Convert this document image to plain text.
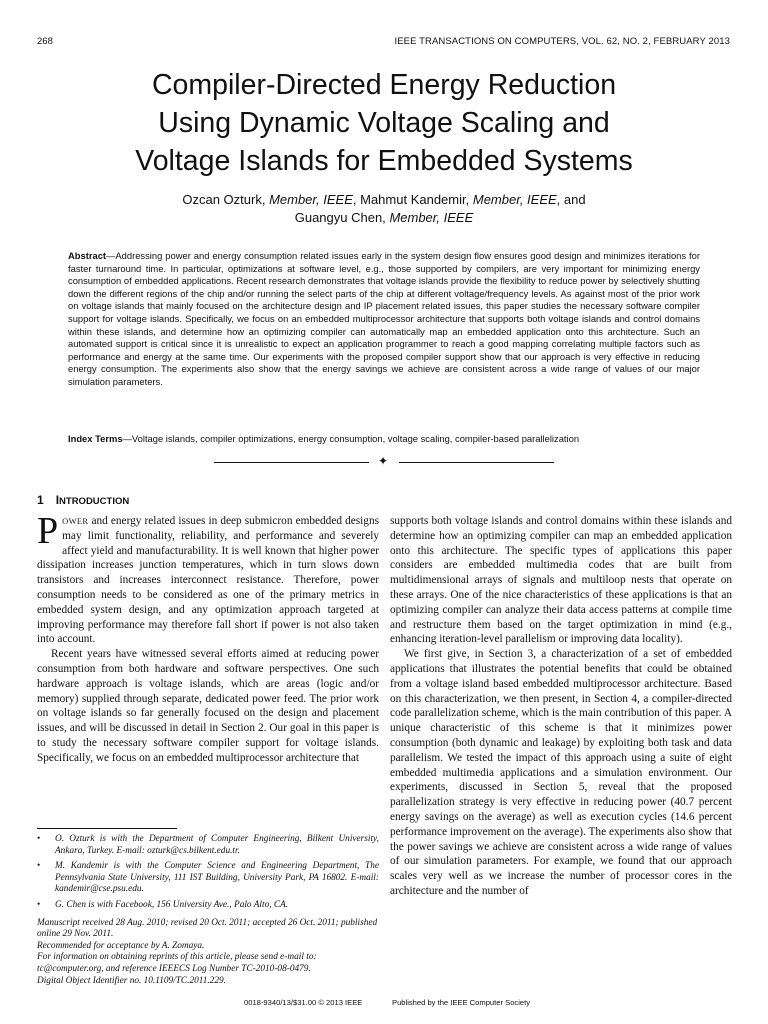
268	IEEE TRANSACTIONS ON COMPUTERS, VOL. 62, NO. 2, FEBRUARY 2013
Compiler-Directed Energy Reduction
Using Dynamic Voltage Scaling and
Voltage Islands for Embedded Systems
Ozcan Ozturk, Member, IEEE, Mahmut Kandemir, Member, IEEE, and
Guangyu Chen, Member, IEEE

Abstract—Addressing power and energy consumption related issues early in the system design flow ensures good design and minimizes iterations for faster turnaround time. In particular, optimizations at software level, e.g., those supported by compilers, are very important for minimizing energy consumption of embedded applications. Recent research demonstrates that voltage islands provide the flexibility to reduce power by selectively shutting down the different regions of the chip and/or running the select parts of the chip at different voltage/frequency levels. As against most of the prior work on voltage islands that mainly focused on the architecture design and IP placement related issues, this paper studies the necessary software compiler support for voltage islands. Specifically, we focus on an embedded multiprocessor architecture that supports both voltage islands and control domains within these islands, and determine how an optimizing compiler can automatically map an embedded application onto this architecture. Such an automated support is critical since it is unrealistic to expect an application programmer to reach a good mapping correlating multiple factors such as performance and energy at the same time. Our experiments with the proposed compiler support show that our approach is very effective in reducing energy consumption. The experiments also show that the energy savings we achieve are consistent across a wide range of values of our major simulation parameters.

Index Terms—Voltage islands, compiler optimizations, energy consumption, voltage scaling, compiler-based parallelization

✦
1 INTRODUCTION

POWER and energy related issues in deep submicron embedded designs may limit functionality, reliability, and performance and severely affect yield and manufacturability. It is well known that higher power dissipation increases junction temperatures, which in turn slows down transistors and increases interconnect resistance. Therefore, power consumption needs to be considered as one of the primary metrics in embedded system design, and any optimization approach targeted at improving performance may therefore fall short if power is not also taken into account.

Recent years have witnessed several efforts aimed at reducing power consumption from both hardware and software perspectives. One such hardware approach is voltage islands, which are areas (logic and/or memory) supplied through separate, dedicated power feed. The prior work on voltage islands so far generally focused on the design and placement issues, and will be discussed in detail in Section 2. Our goal in this paper is to study the necessary software compiler support for voltage islands. Specifically, we focus on an embedded multiprocessor architecture that

• O. Ozturk is with the Department of Computer Engineering, Bilkent University, Ankara, Turkey. E-mail: ozturk@cs.bilkent.edu.tr.
• M. Kandemir is with the Computer Science and Engineering Department, The Pennsylvania State University, 111 IST Building, University Park, PA 16802. E-mail: kandemir@cse.psu.edu.
• G. Chen is with Facebook, 156 University Ave., Palo Alto, CA.
Manuscript received 28 Aug. 2010; revised 20 Oct. 2011; accepted 26 Oct. 2011; published online 29 Nov. 2011.
Recommended for acceptance by A. Zomaya.
For information on obtaining reprints of this article, please send e-mail to: tc@computer.org, and reference IEEECS Log Number TC-2010-08-0479.
Digital Object Identifier no. 10.1109/TC.2011.229.

supports both voltage islands and control domains within these islands and determine how an optimizing compiler can map an embedded application onto this architecture. The specific types of applications this paper considers are embedded multimedia codes that are built from multidimensional arrays of signals and multiloop nests that operate on these arrays. One of the nice characteristics of these applications is that an optimizing compiler can analyze their data access patterns at compile time and restructure them based on the target optimization in mind (e.g., enhancing iteration-level parallelism or improving data locality).

We first give, in Section 3, a characterization of a set of embedded applications that illustrates the potential benefits that could be obtained from a voltage island based embedded multiprocessor architecture. Based on this characterization, we then present, in Section 4, a compiler-directed code parallelization scheme, which is the main contribution of this paper. A unique characteristic of this scheme is that it minimizes power consumption (both dynamic and leakage) by exploiting both task and data parallelism. We tested the impact of this approach using a suite of eight embedded multimedia applications and a simulation environment. Our experiments, discussed in Section 5, reveal that the proposed parallelization strategy is very effective in reducing power (40.7 percent energy savings on the average) as well as execution cycles (14.6 percent performance improvement on the average). The experiments also show that the power savings we achieve are consistent across a wide range of values of our simulation parameters. For example, we found that our approach scales very well as we increase the number of processor cores in the architecture and the number of

0018-9340/13/$31.00 © 2013 IEEE	Published by the IEEE Computer Society
